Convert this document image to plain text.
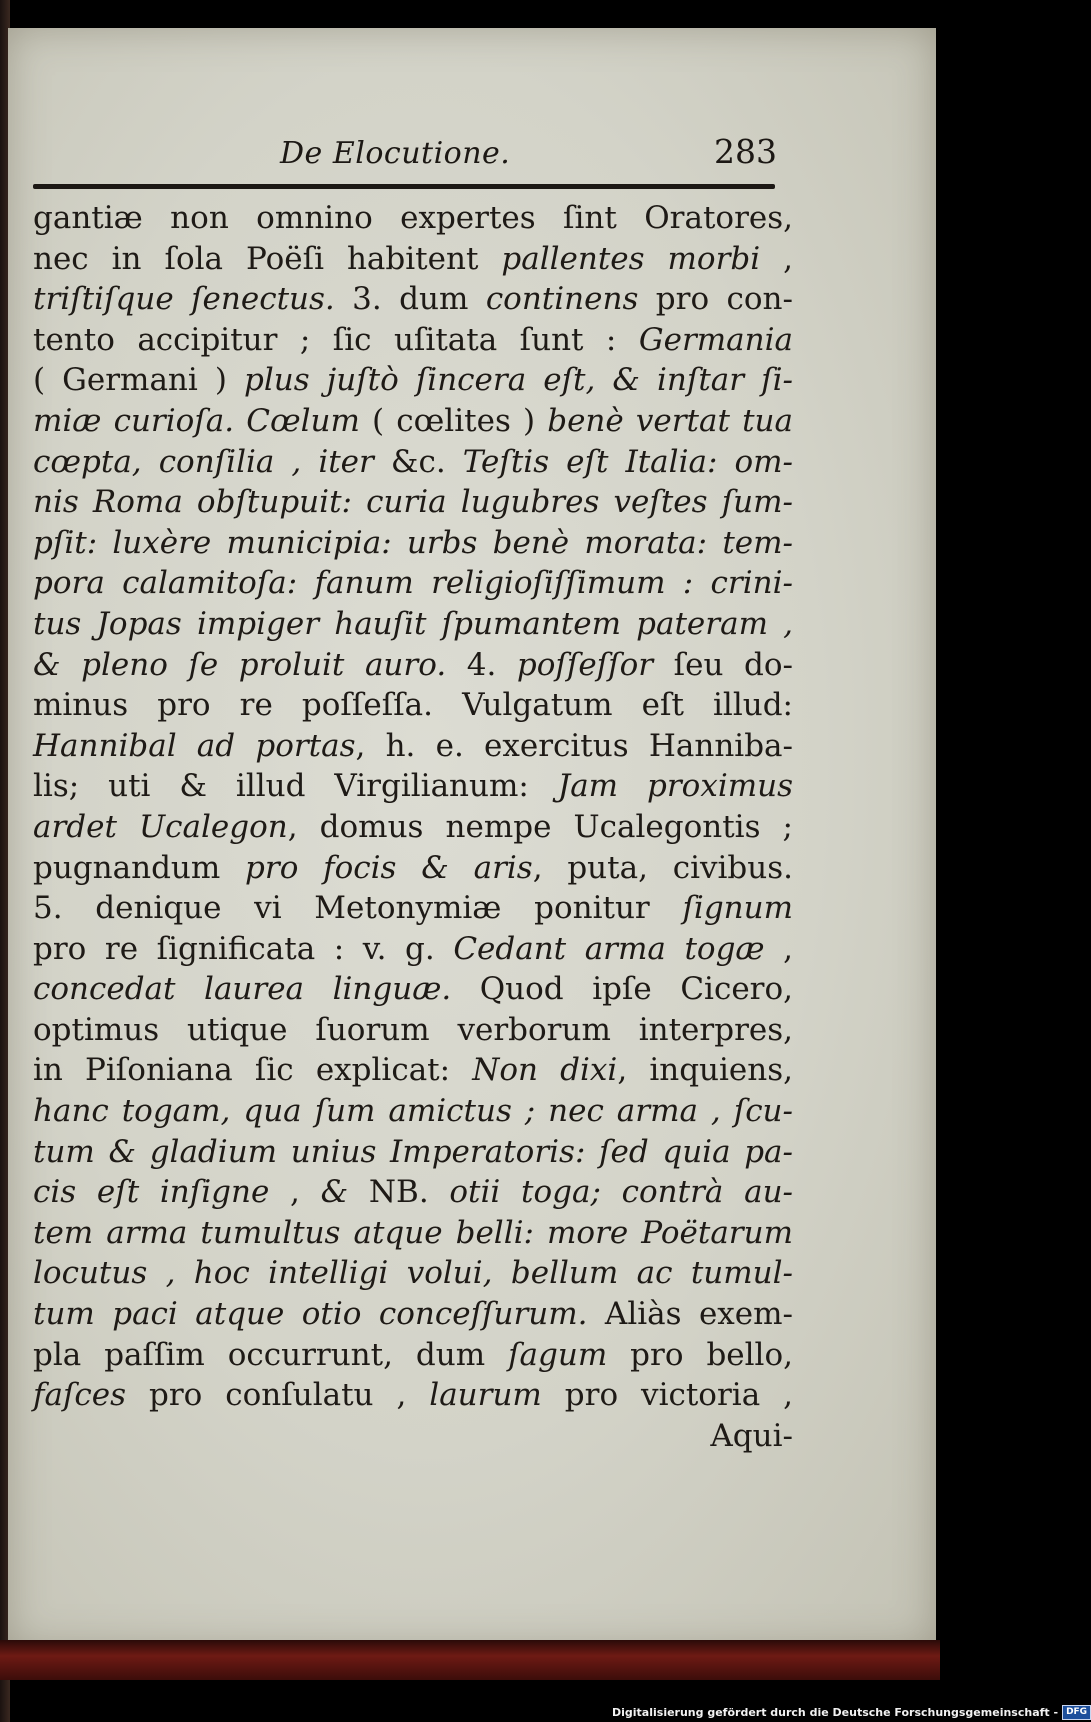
De Elocutione.	283
gantiæ non omnino expertes ſint Oratores,
nec in ſola Poëſi habitent pallentes morbi ,
triſtiſque ſenectus. 3. dum continens pro con-
tento accipitur ; ſic uſitata ſunt : Germania
( Germani ) plus juſtò ſincera eſt, & inſtar ſi-
miæ curioſa. Cœlum ( cœlites ) benè vertat tua
cœpta, conſilia , iter &c. Teſtis eſt Italia: om-
nis Roma obſtupuit: curia lugubres veſtes ſum-
pſit: luxère municipia: urbs benè morata: tem-
pora calamitoſa: fanum religioſiſſimum : crini-
tus Jopas impiger hauſit ſpumantem pateram ,
& pleno ſe proluit auro. 4. poſſeſſor ſeu do-
minus pro re poſſeſſa. Vulgatum eſt illud:
Hannibal ad portas, h. e. exercitus Hanniba-
lis; uti & illud Virgilianum: Jam proximus
ardet Ucalegon, domus nempe Ucalegontis ;
pugnandum pro focis & aris, puta, civibus.
5. denique vi Metonymiæ ponitur ſignum
pro re ſignificata : v. g. Cedant arma togæ ,
concedat laurea linguæ. Quod ipſe Cicero,
optimus utique ſuorum verborum interpres,
in Piſoniana ſic explicat: Non dixi, inquiens,
hanc togam, qua ſum amictus ; nec arma , ſcu-
tum & gladium unius Imperatoris: ſed quia pa-
cis eſt inſigne , & NB. otii toga; contrà au-
tem arma tumultus atque belli: more Poëtarum
locutus , hoc intelligi volui, bellum ac tumul-
tum paci atque otio conceſſurum. Aliàs exem-
pla paſſim occurrunt, dum ſagum pro bello,
faſces pro conſulatu , laurum pro victoria ,
Aqui-
Digitalisierung gefördert durch die Deutsche Forschungsgemeinschaft - DFG
